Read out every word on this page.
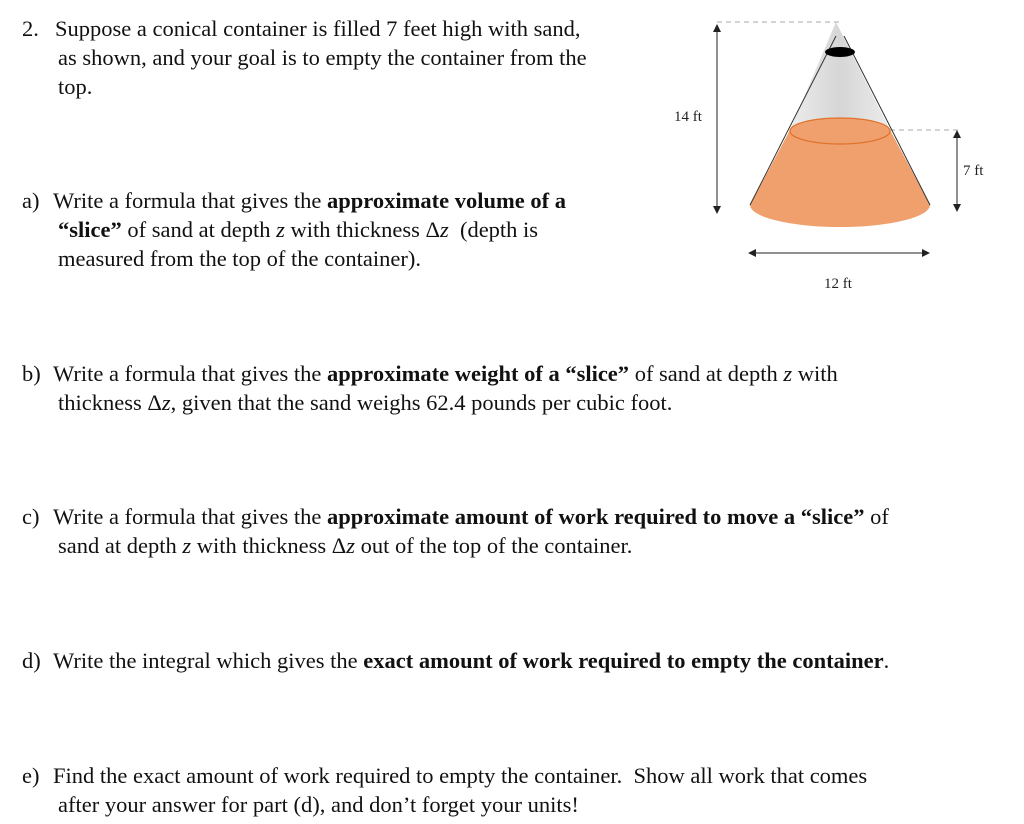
2. Suppose a conical container is filled 7 feet high with sand,
as shown, and your goal is to empty the container from the
top.
14 ft
7 ft
12 ft
a) Write a formula that gives the approximate volume of a
“slice” of sand at depth z with thickness Δz  (depth is
measured from the top of the container).
b) Write a formula that gives the approximate weight of a “slice” of sand at depth z with
thickness Δz, given that the sand weighs 62.4 pounds per cubic foot.
c) Write a formula that gives the approximate amount of work required to move a “slice” of
sand at depth z with thickness Δz out of the top of the container.
d) Write the integral which gives the exact amount of work required to empty the container.
e) Find the exact amount of work required to empty the container.  Show all work that comes
after your answer for part (d), and don’t forget your units!
